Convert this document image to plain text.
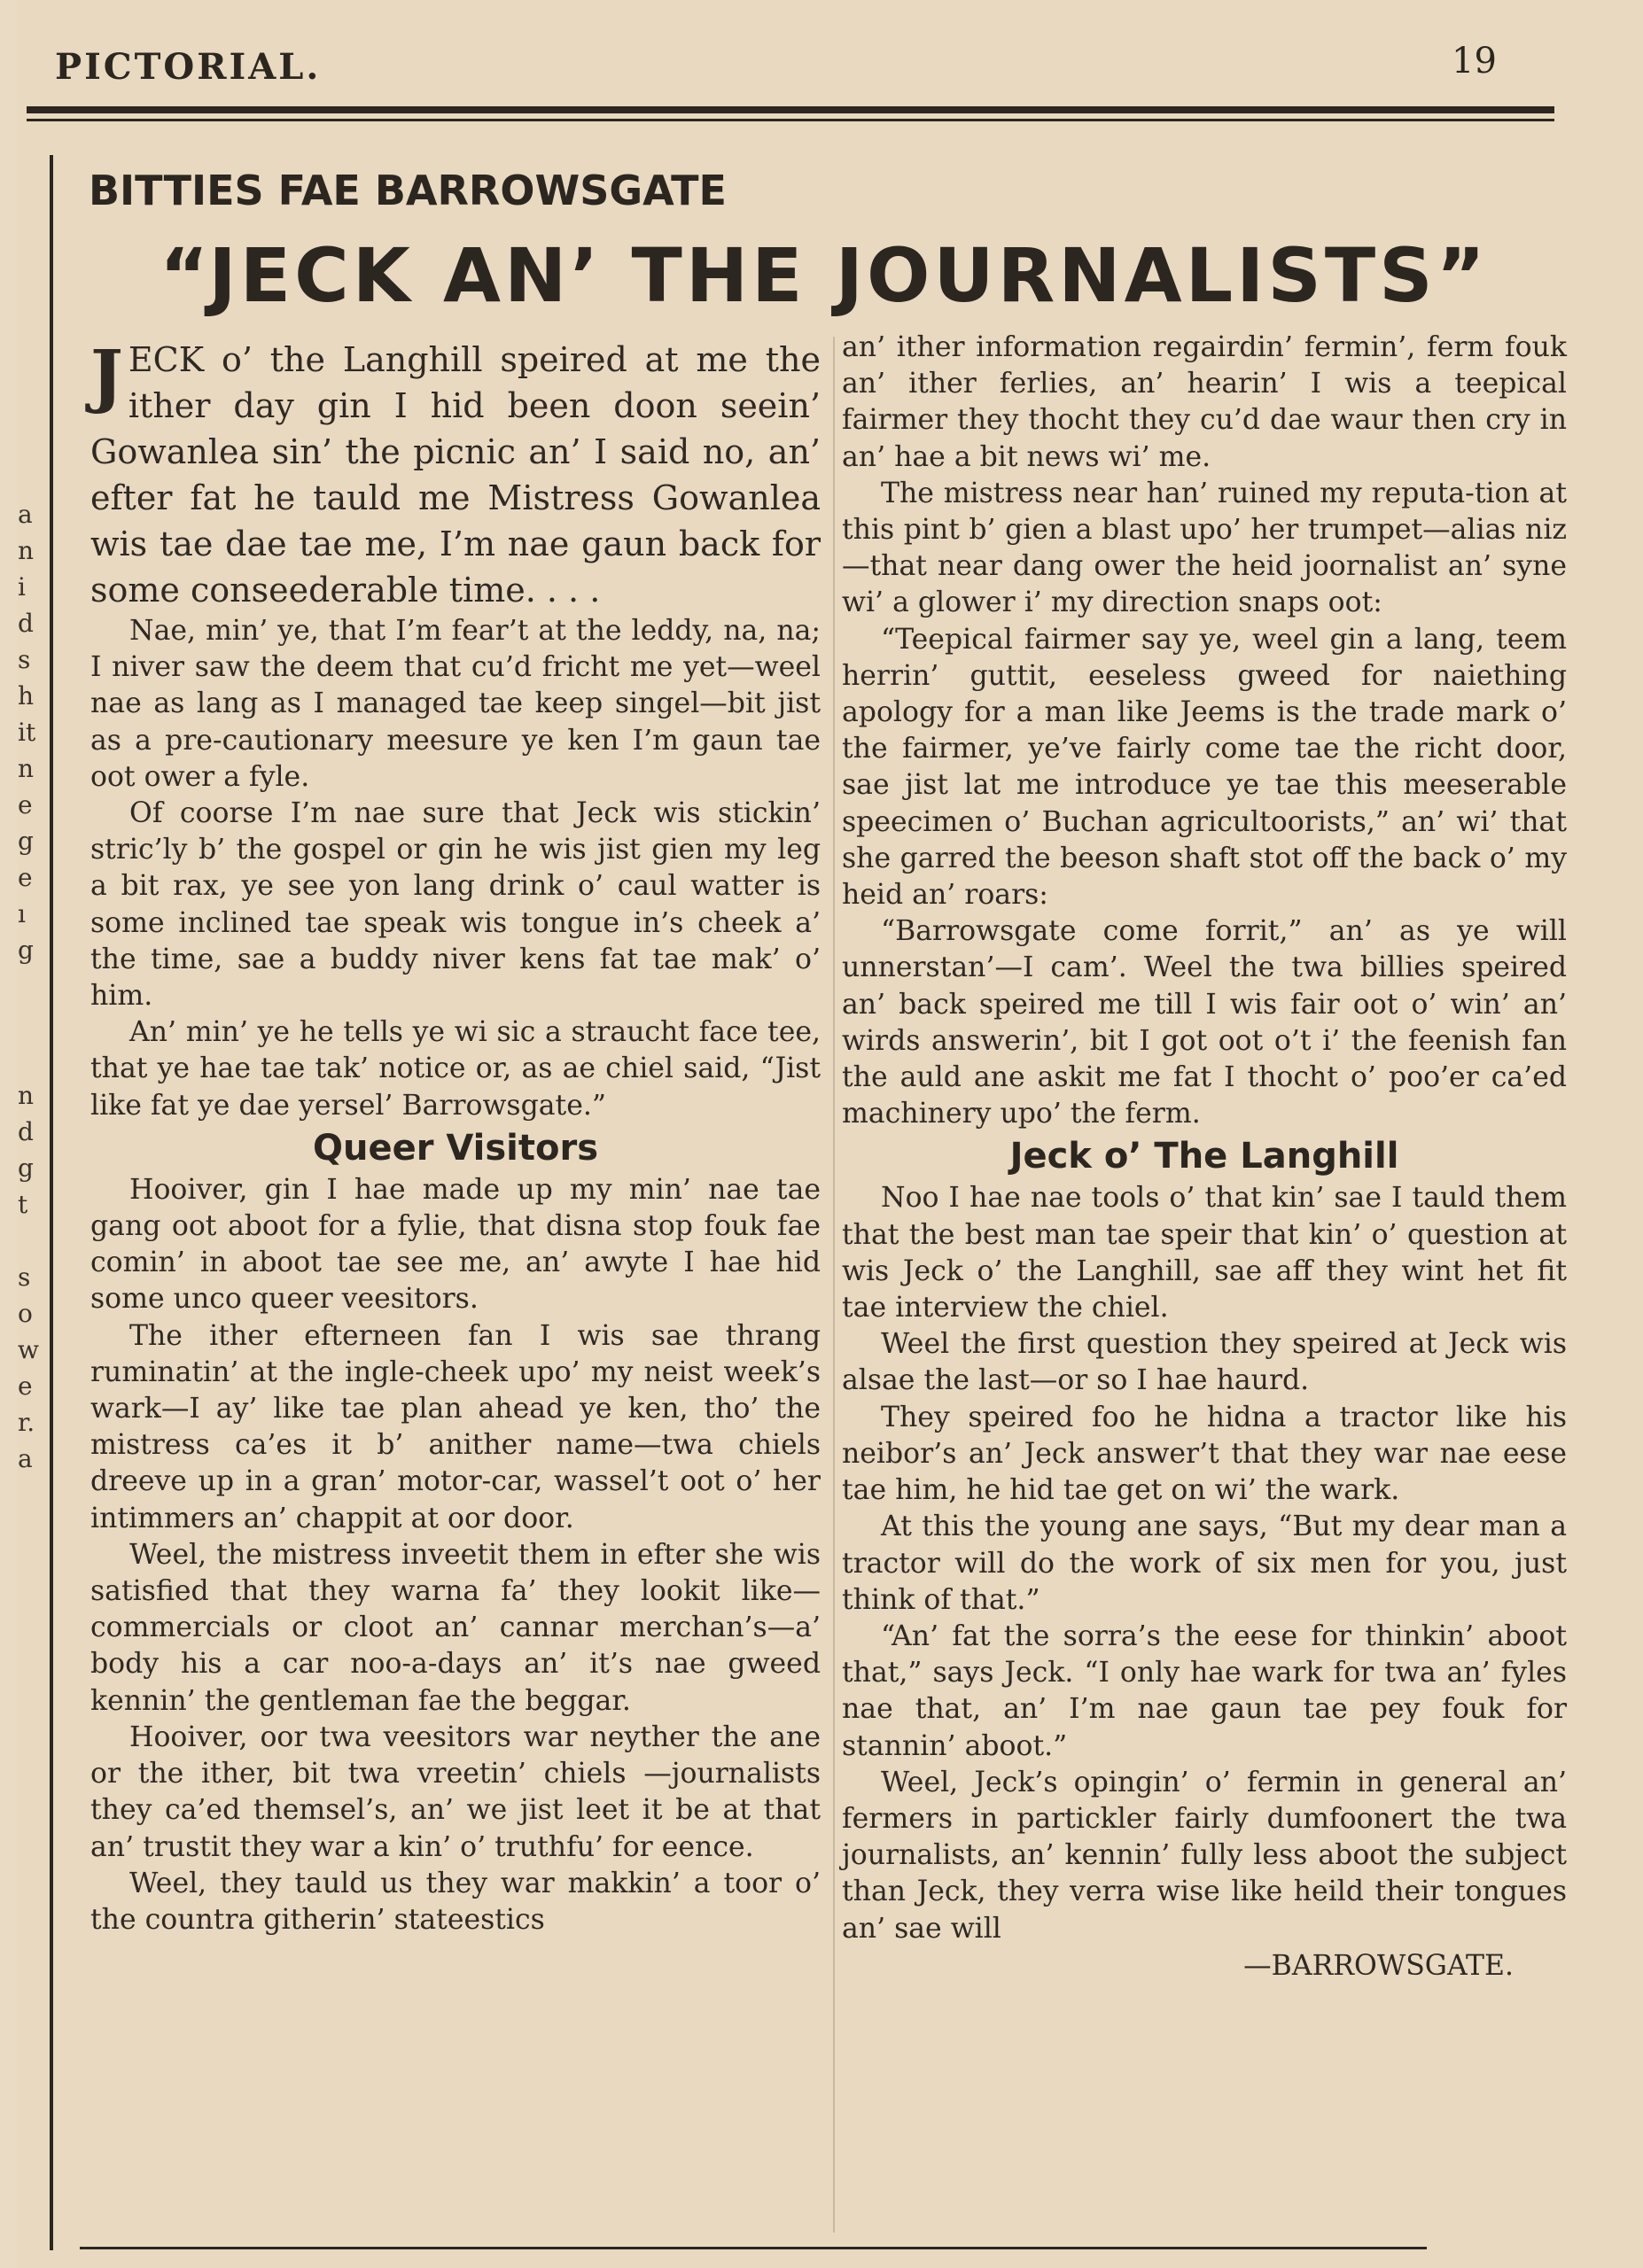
PICTORIAL.	19
BITTIES FAE BARROWSGATE
“JECK AN’ THE JOURNALISTS”

JECK o’ the Langhill speired at me the ither day gin I hid been doon seein’ Gowanlea sin’ the picnic an’ I said no, an’ efter fat he tauld me Mistress Gowanlea wis tae dae tae me, I’m nae gaun back for some conseederable time. . . .

Nae, min’ ye, that I’m fear’t at the leddy, na, na; I niver saw the deem that cu’d fricht me yet—weel nae as lang as I managed tae keep singel—bit jist as a pre-cautionary meesure ye ken I’m gaun tae oot ower a fyle.

Of coorse I’m nae sure that Jeck wis stickin’ stric’ly b’ the gospel or gin he wis jist gien my leg a bit rax, ye see yon lang drink o’ caul watter is some inclined tae speak wis tongue in’s cheek a’ the time, sae a buddy niver kens fat tae mak’ o’ him.

An’ min’ ye he tells ye wi sic a straucht face tee, that ye hae tae tak’ notice or, as ae chiel said, “Jist like fat ye dae yersel’ Barrowsgate.”

Queer Visitors

Hooiver, gin I hae made up my min’ nae tae gang oot aboot for a fylie, that disna stop fouk fae comin’ in aboot tae see me, an’ awyte I hae hid some unco queer veesitors.

The ither efterneen fan I wis sae thrang ruminatin’ at the ingle-cheek upo’ my neist week’s wark—I ay’ like tae plan ahead ye ken, tho’ the mistress ca’es it b’ anither name—twa chiels dreeve up in a gran’ motor-car, wassel’t oot o’ her intimmers an’ chappit at oor door.

Weel, the mistress inveetit them in efter she wis satisfied that they warna fa’ they lookit like—commercials or cloot an’ cannar merchan’s—a’ body his a car noo-a-days an’ it’s nae gweed kennin’ the gentleman fae the beggar.

Hooiver, oor twa veesitors war neyther the ane or the ither, bit twa vreetin’ chiels —journalists they ca’ed themsel’s, an’ we jist leet it be at that an’ trustit they war a kin’ o’ truthfu’ for eence.

Weel, they tauld us they war makkin’ a toor o’ the countra githerin’ stateestics

an’ ither information regairdin’ fermin’, ferm fouk an’ ither ferlies, an’ hearin’ I wis a teepical fairmer they thocht they cu’d dae waur then cry in an’ hae a bit news wi’ me.

The mistress near han’ ruined my reputa-tion at this pint b’ gien a blast upo’ her trumpet—alias niz—that near dang ower the heid joornalist an’ syne wi’ a glower i’ my direction snaps oot:

“Teepical fairmer say ye, weel gin a lang, teem herrin’ guttit, eeseless gweed for naiething apology for a man like Jeems is the trade mark o’ the fairmer, ye’ve fairly come tae the richt door, sae jist lat me introduce ye tae this meeserable speecimen o’ Buchan agricultoorists,” an’ wi’ that she garred the beeson shaft stot off the back o’ my heid an’ roars:

“Barrowsgate come forrit,” an’ as ye will unnerstan’—I cam’. Weel the twa billies speired an’ back speired me till I wis fair oot o’ win’ an’ wirds answerin’, bit I got oot o’t i’ the feenish fan the auld ane askit me fat I thocht o’ poo’er ca’ed machinery upo’ the ferm.

Jeck o’ The Langhill

Noo I hae nae tools o’ that kin’ sae I tauld them that the best man tae speir that kin’ o’ question at wis Jeck o’ the Langhill, sae aff they wint het fit tae interview the chiel.

Weel the first question they speired at Jeck wis alsae the last—or so I hae haurd.

They speired foo he hidna a tractor like his neibor’s an’ Jeck answer’t that they war nae eese tae him, he hid tae get on wi’ the wark.

At this the young ane says, “But my dear man a tractor will do the work of six men for you, just think of that.”

“An’ fat the sorra’s the eese for thinkin’ aboot that,” says Jeck. “I only hae wark for twa an’ fyles nae that, an’ I’m nae gaun tae pey fouk for stannin’ aboot.”

Weel, Jeck’s opingin’ o’ fermin in general an’ fermers in partickler fairly dumfoonert the twa journalists, an’ kennin’ fully less aboot the subject than Jeck, they verra wise like heild their tongues an’ sae will

—BARROWSGATE.

a
n
i
d
s
h
it
n
e
g
e
ı
g

n
d
g
t

s
o
w
e
r.
a
